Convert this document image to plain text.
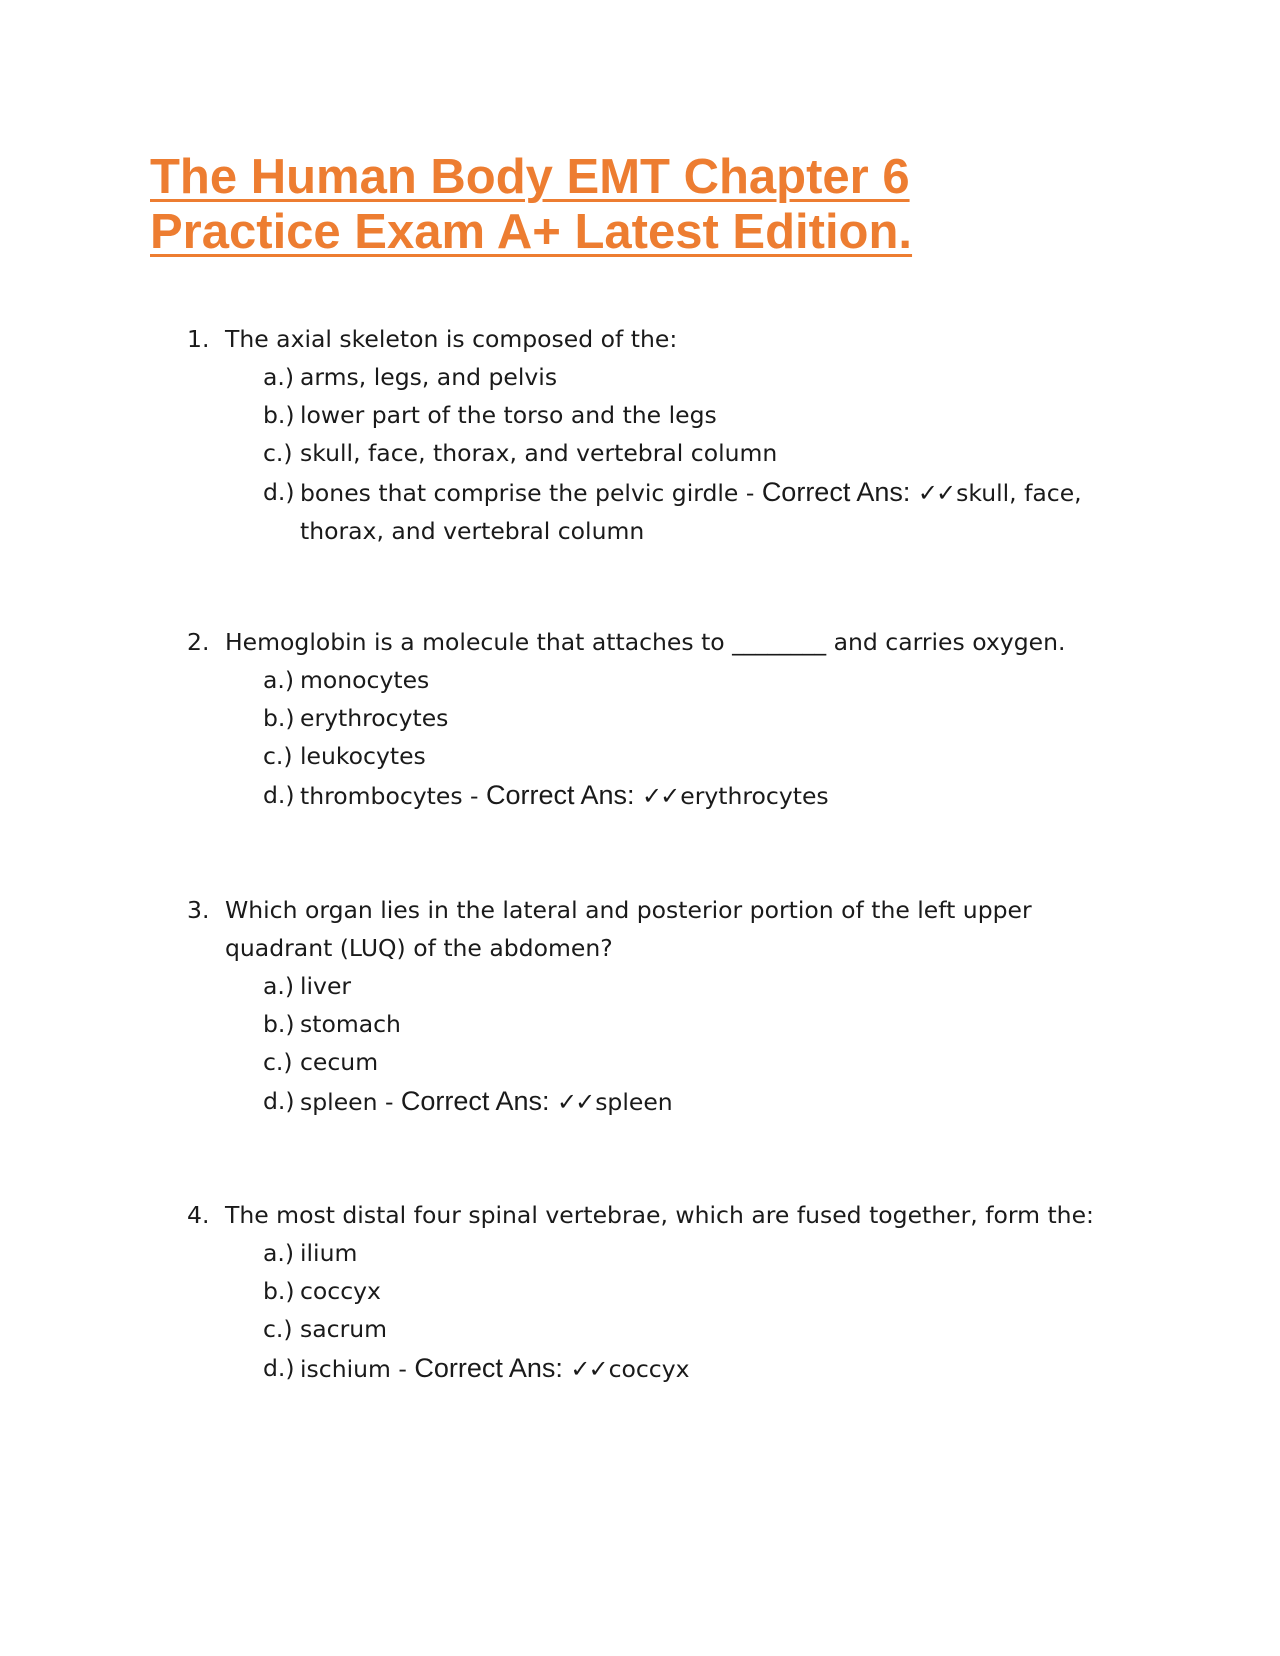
The Human Body EMT Chapter 6
Practice Exam A+ Latest Edition.
1. The axial skeleton is composed of the:
a.) arms, legs, and pelvis
b.) lower part of the torso and the legs
c.) skull, face, thorax, and vertebral column
d.) bones that comprise the pelvic girdle - Correct Ans: ✓✓skull, face,
thorax, and vertebral column
2. Hemoglobin is a molecule that attaches to ________ and carries oxygen.
a.) monocytes
b.) erythrocytes
c.) leukocytes
d.) thrombocytes - Correct Ans: ✓✓erythrocytes
3. Which organ lies in the lateral and posterior portion of the left upper
quadrant (LUQ) of the abdomen?
a.) liver
b.) stomach
c.) cecum
d.) spleen - Correct Ans: ✓✓spleen
4. The most distal four spinal vertebrae, which are fused together, form the:
a.) ilium
b.) coccyx
c.) sacrum
d.) ischium - Correct Ans: ✓✓coccyx
